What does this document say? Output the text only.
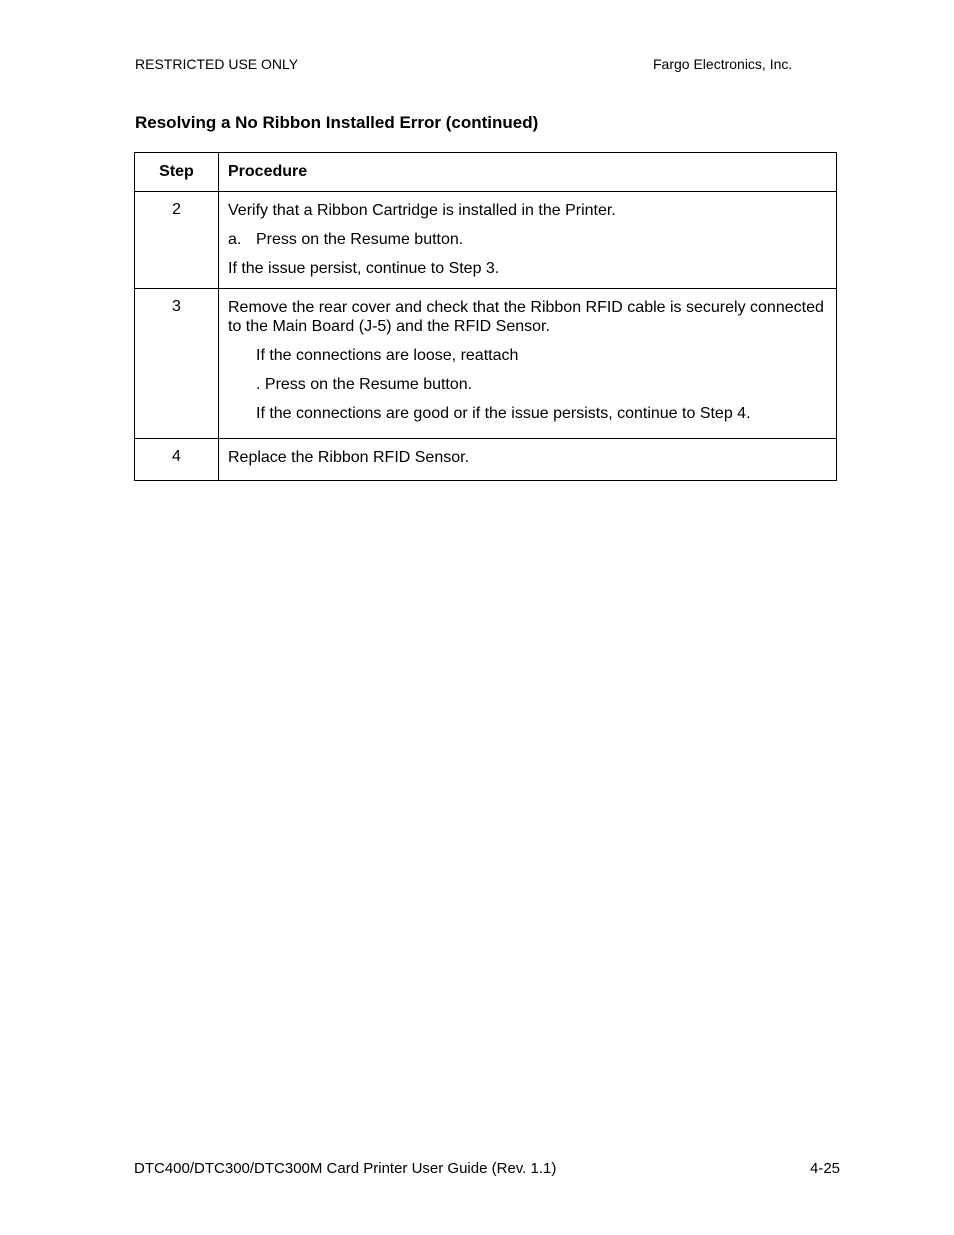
RESTRICTED USE ONLY	Fargo Electronics, Inc.
Resolving a No Ribbon Installed Error (continued)
Step	Procedure
2	Verify that a Ribbon Cartridge is installed in the Printer.
a. Press on the Resume button.
If the issue persist, continue to Step 3.

3	Remove the rear cover and check that the Ribbon RFID cable is securely connected to the Main Board (J-5) and the RFID Sensor.
If the connections are loose, reattach
. Press on the Resume button.
If the connections are good or if the issue persists, continue to Step 4.

4	Replace the Ribbon RFID Sensor.
DTC400/DTC300/DTC300M Card Printer User Guide (Rev. 1.1)	4-25
